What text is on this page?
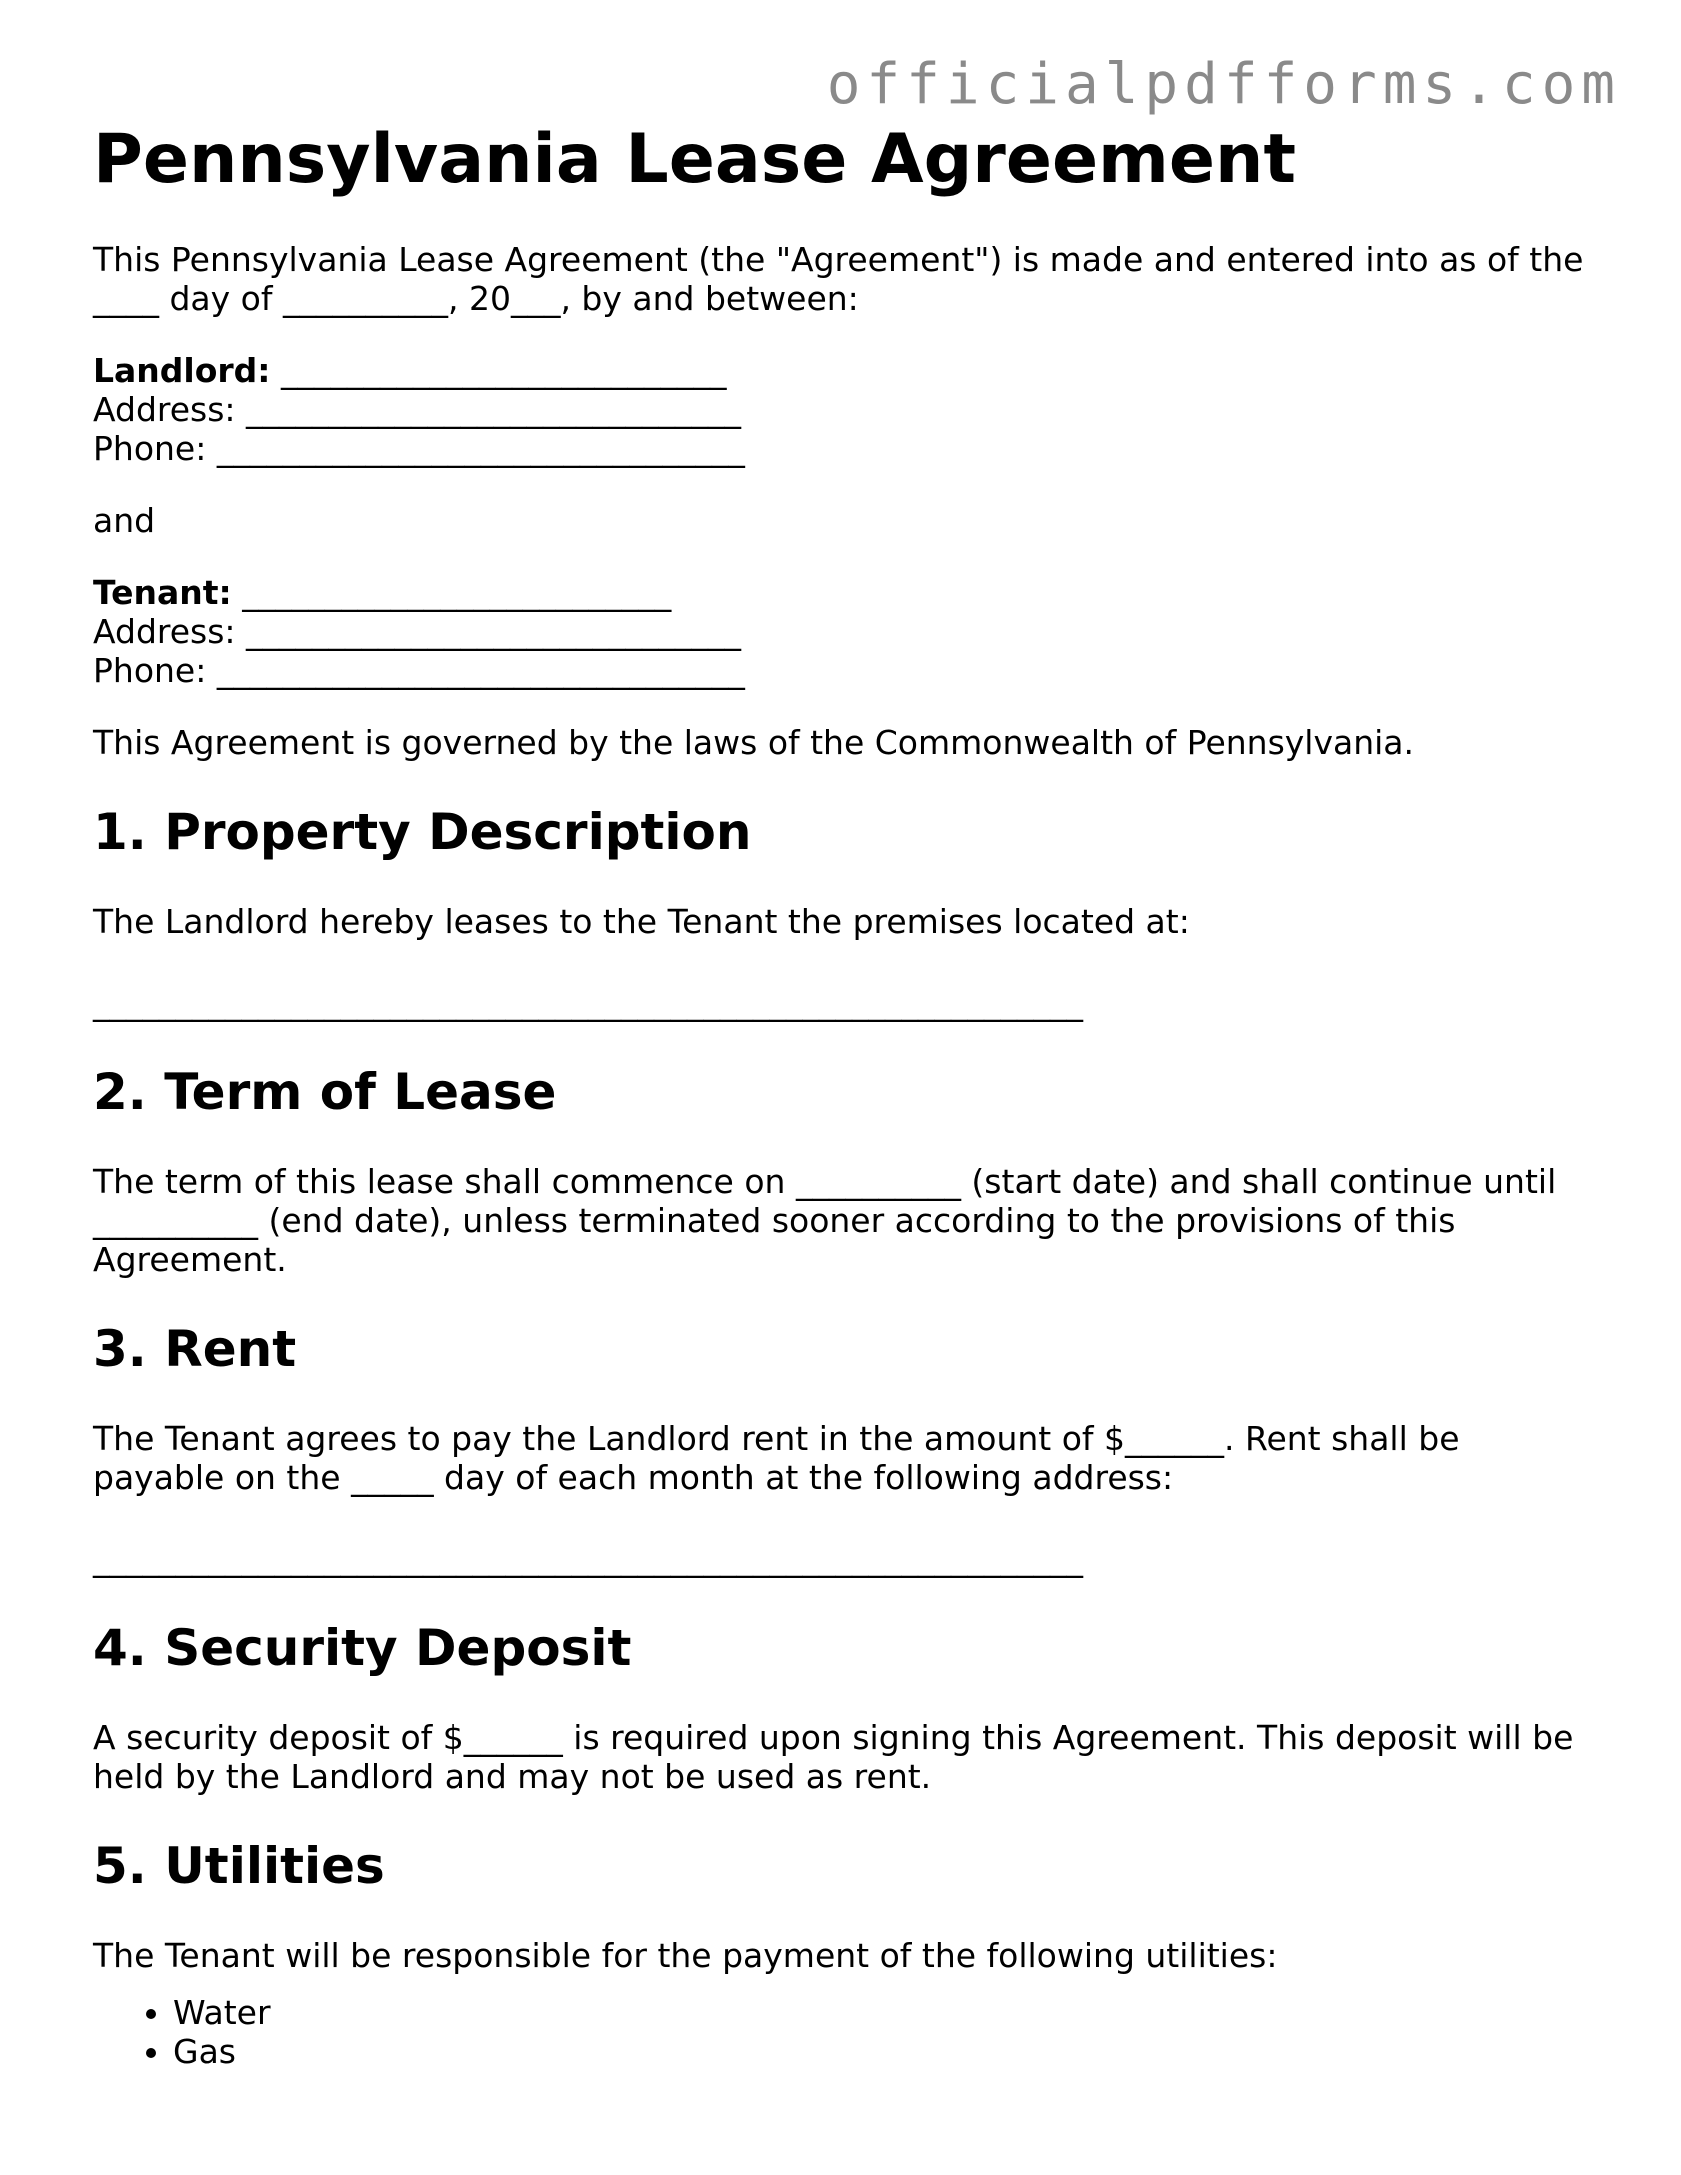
officialpdfforms.com
Pennsylvania Lease Agreement

This Pennsylvania Lease Agreement (the "Agreement") is made and entered into as of the
____ day of __________, 20___, by and between:

Landlord: ___________________________
Address: ______________________________
Phone: ________________________________

and

Tenant: __________________________
Address: ______________________________
Phone: ________________________________

This Agreement is governed by the laws of the Commonwealth of Pennsylvania.

1. Property Description

The Landlord hereby leases to the Tenant the premises located at:

____________________________________________________________

2. Term of Lease

The term of this lease shall commence on __________ (start date) and shall continue until
__________ (end date), unless terminated sooner according to the provisions of this
Agreement.

3. Rent

The Tenant agrees to pay the Landlord rent in the amount of $______. Rent shall be
payable on the _____ day of each month at the following address:

____________________________________________________________

4. Security Deposit

A security deposit of $______ is required upon signing this Agreement. This deposit will be
held by the Landlord and may not be used as rent.

5. Utilities

The Tenant will be responsible for the payment of the following utilities:

• Water
• Gas
